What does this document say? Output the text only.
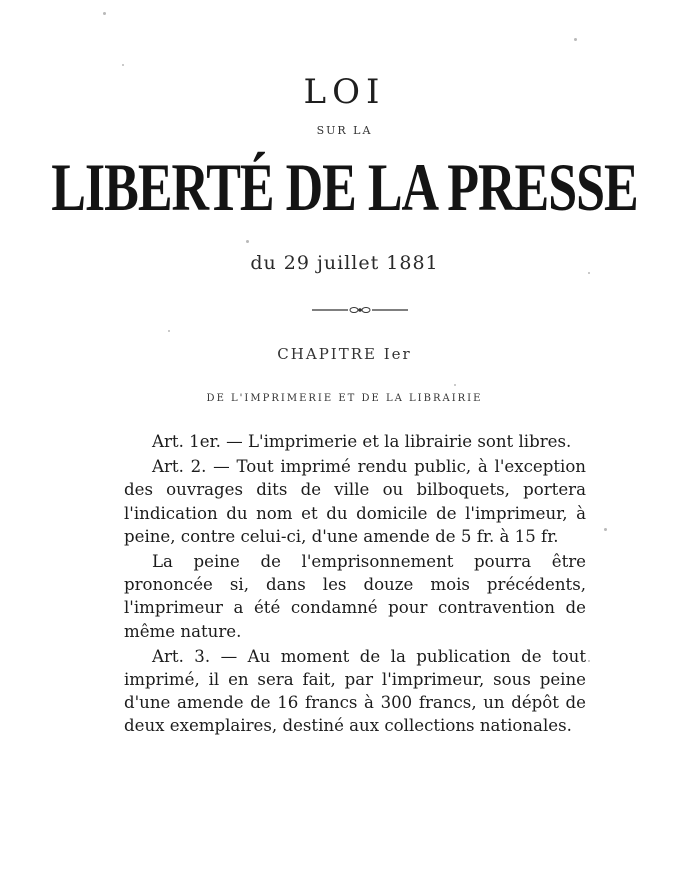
LOI
SUR LA
LIBERTÉ DE LA PRESSE
du 29 juillet 1881
CHAPITRE Ier
DE L'IMPRIMERIE ET DE LA LIBRAIRIE

Art. 1er. — L'imprimerie et la librairie sont libres.

Art. 2. — Tout imprimé rendu public, à l'exception des ouvrages dits de ville ou bilboquets, portera l'indication du nom et du domicile de l'imprimeur, à peine, contre celui-ci, d'une amende de 5 fr. à 15 fr.

La peine de l'emprisonnement pourra être prononcée si, dans les douze mois précédents, l'imprimeur a été condamné pour contravention de même nature.

Art. 3. — Au moment de la publication de tout imprimé, il en sera fait, par l'imprimeur, sous peine d'une amende de 16 francs à 300 francs, un dépôt de deux exemplaires, destiné aux collections nationales.
